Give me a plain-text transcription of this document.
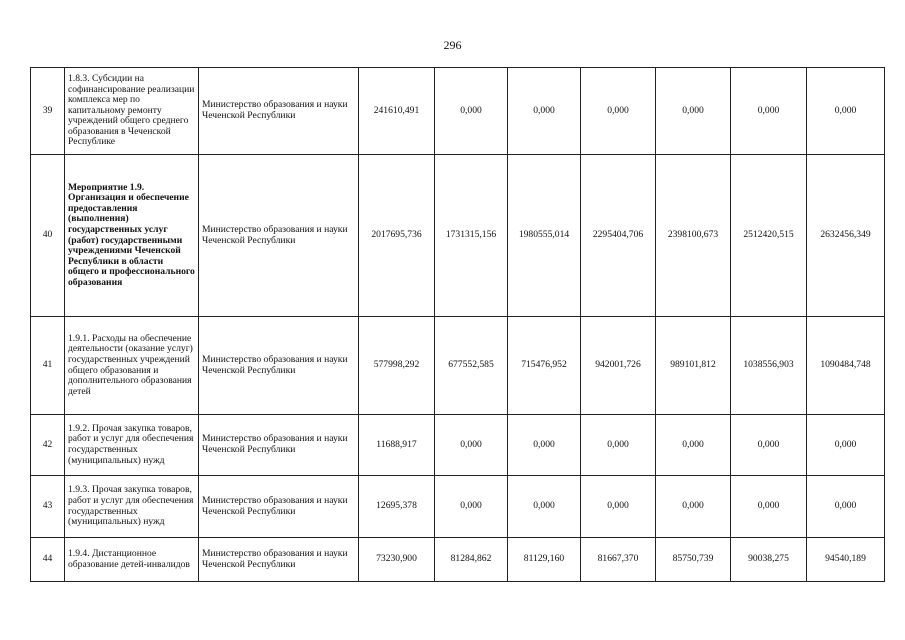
296
39	1.8.3. Субсидии на софинансирование реализации комплекса мер по капитальному ремонту учреждений общего среднего образования в Чеченской Республике	Министерство образования и науки Чеченской Республики	241610,491	0,000	0,000	0,000	0,000	0,000	0,000
40	Мероприятие 1.9. Организация и обеспечение предоставления (выполнения) государственных услуг (работ) государственными учреждениями Чеченской Республики в области общего и профессионального образования	Министерство образования и науки Чеченской Республики	2017695,736	1731315,156	1980555,014	2295404,706	2398100,673	2512420,515	2632456,349
41	1.9.1. Расходы на обеспечение деятельности (оказание услуг) государственных учреждений общего образования и дополнительного образования детей	Министерство образования и науки Чеченской Республики	577998,292	677552,585	715476,952	942001,726	989101,812	1038556,903	1090484,748
42	1.9.2. Прочая закупка товаров, работ и услуг для обеспечения государственных (муниципальных) нужд	Министерство образования и науки Чеченской Республики	11688,917	0,000	0,000	0,000	0,000	0,000	0,000
43	1.9.3. Прочая закупка товаров, работ и услуг для обеспечения государственных (муниципальных) нужд	Министерство образования и науки Чеченской Республики	12695,378	0,000	0,000	0,000	0,000	0,000	0,000
44	1.9.4. Дистанционное образование детей-инвалидов	Министерство образования и науки Чеченской Республики	73230,900	81284,862	81129,160	81667,370	85750,739	90038,275	94540,189
